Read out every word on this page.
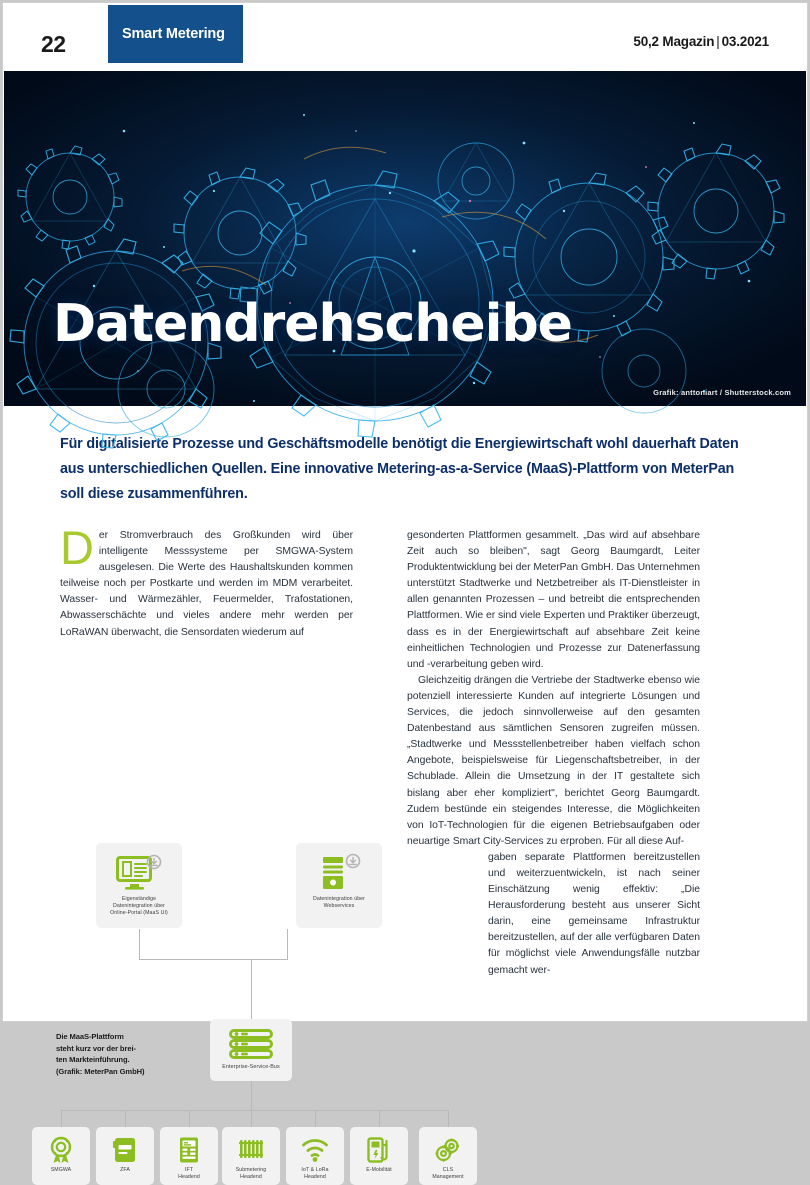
22	Smart Metering	50,2 Magazin | 03.2021
Datendrehscheibe
Grafik: anttoniart / Shutterstock.com
Für digitalisierte Prozesse und Geschäftsmodelle benötigt die Energiewirtschaft wohl dauerhaft Daten aus unterschiedlichen Quellen. Eine innovative Metering-as-a-Service (MaaS)-Plattform von MeterPan soll diese zusammenführen.

Der Stromverbrauch des Großkunden wird über intelligente Messsysteme per SMGWA-System ausgelesen. Die Werte des Haushaltskunden kommen teilweise noch per Postkarte und werden im MDM verarbeitet. Wasser- und Wärmezähler, Feuermelder, Trafostationen, Abwasserschächte und vieles andere mehr werden per LoRaWAN überwacht, die Sensordaten wiederum auf

gesonderten Plattformen gesammelt. „Das wird auf absehbare Zeit auch so bleiben", sagt Georg Baumgardt, Leiter Produktentwicklung bei der MeterPan GmbH. Das Unternehmen unterstützt Stadtwerke und Netzbetreiber als IT-Dienstleister in allen genannten Prozessen – und betreibt die entsprechenden Plattformen. Wie er sind viele Experten und Praktiker überzeugt, dass es in der Energiewirtschaft auf absehbare Zeit keine einheitlichen Technologien und Prozesse zur Datenerfassung und -verarbeitung geben wird.

Gleichzeitig drängen die Vertriebe der Stadtwerke ebenso wie potenziell interessierte Kunden auf integrierte Lösungen und Services, die jedoch sinnvollerweise auf den gesamten Datenbestand aus sämtlichen Sensoren zugreifen müssen. „Stadtwerke und Messstellenbetreiber haben vielfach schon Angebote, beispielsweise für Liegenschaftsbetreiber, in der Schublade. Allein die Umsetzung in der IT gestaltete sich bislang aber eher kompliziert", berichtet Georg Baumgardt. Zudem bestünde ein steigendes Interesse, die Möglichkeiten von IoT-Technologien für die eigenen Betriebsaufgaben oder neuartige Smart City-Services zu erproben. Für all diese Auf-

gaben separate Plattformen bereitzustellen und weiterzuentwickeln, ist nach seiner Einschätzung wenig effektiv: „Die Herausforderung besteht aus unserer Sicht darin, eine gemeinsame Infrastruktur bereitzustellen, auf der alle verfügbaren Daten für möglichst viele Anwendungsfälle nutzbar gemacht wer-

Eigenständige
Datenintegration über
Online-Portal (MaaS UI)
Datenintegration über
Webservices
Enterprise-Service-Bus
SMGWA	ZFA	IFT
Headend
Submetering
Headend
IoT & LoRa
Headend
E-Mobilität	CLS
Management
Die MaaS-Plattform
steht kurz vor der brei-
ten Markteinführung.
(Grafik: MeterPan GmbH)
